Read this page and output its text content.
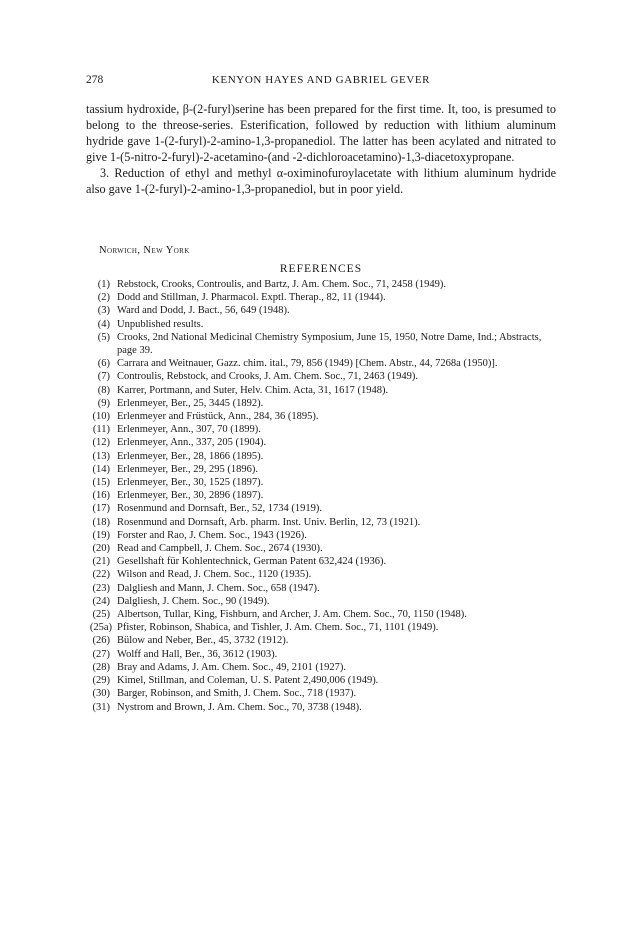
278	KENYON HAYES AND GABRIEL GEVER

tassium hydroxide, β-(2-furyl)serine has been prepared for the first time. It, too, is presumed to belong to the threose-series. Esterification, followed by reduction with lithium aluminum hydride gave 1-(2-furyl)-2-amino-1,3-propanediol. The latter has been acylated and nitrated to give 1-(5-nitro-2-furyl)-2-acetamino-(and -2-dichloroacetamino)-1,3-diacetoxypropane.

3. Reduction of ethyl and methyl α-oximinofuroylacetate with lithium aluminum hydride also gave 1-(2-furyl)-2-amino-1,3-propanediol, but in poor yield.

Norwich, New York
REFERENCES
(1) Rebstock, Crooks, Controulis, and Bartz, J. Am. Chem. Soc., 71, 2458 (1949).
(2) Dodd and Stillman, J. Pharmacol. Exptl. Therap., 82, 11 (1944).
(3) Ward and Dodd, J. Bact., 56, 649 (1948).
(4) Unpublished results.
(5) Crooks, 2nd National Medicinal Chemistry Symposium, June 15, 1950, Notre Dame, Ind.; Abstracts, page 39.
(6) Carrara and Weitnauer, Gazz. chim. ital., 79, 856 (1949) [Chem. Abstr., 44, 7268a (1950)].
(7) Controulis, Rebstock, and Crooks, J. Am. Chem. Soc., 71, 2463 (1949).
(8) Karrer, Portmann, and Suter, Helv. Chim. Acta, 31, 1617 (1948).
(9) Erlenmeyer, Ber., 25, 3445 (1892).
(10) Erlenmeyer and Früstück, Ann., 284, 36 (1895).
(11) Erlenmeyer, Ann., 307, 70 (1899).
(12) Erlenmeyer, Ann., 337, 205 (1904).
(13) Erlenmeyer, Ber., 28, 1866 (1895).
(14) Erlenmeyer, Ber., 29, 295 (1896).
(15) Erlenmeyer, Ber., 30, 1525 (1897).
(16) Erlenmeyer, Ber., 30, 2896 (1897).
(17) Rosenmund and Dornsaft, Ber., 52, 1734 (1919).
(18) Rosenmund and Dornsaft, Arb. pharm. Inst. Univ. Berlin, 12, 73 (1921).
(19) Forster and Rao, J. Chem. Soc., 1943 (1926).
(20) Read and Campbell, J. Chem. Soc., 2674 (1930).
(21) Gesellshaft für Kohlentechnick, German Patent 632,424 (1936).
(22) Wilson and Read, J. Chem. Soc., 1120 (1935).
(23) Dalgliesh and Mann, J. Chem. Soc., 658 (1947).
(24) Dalgliesh, J. Chem. Soc., 90 (1949).
(25) Albertson, Tullar, King, Fishburn, and Archer, J. Am. Chem. Soc., 70, 1150 (1948).
(25a) Pfister, Robinson, Shabica, and Tishler, J. Am. Chem. Soc., 71, 1101 (1949).
(26) Bülow and Neber, Ber., 45, 3732 (1912).
(27) Wolff and Hall, Ber., 36, 3612 (1903).
(28) Bray and Adams, J. Am. Chem. Soc., 49, 2101 (1927).
(29) Kimel, Stillman, and Coleman, U. S. Patent 2,490,006 (1949).
(30) Barger, Robinson, and Smith, J. Chem. Soc., 718 (1937).
(31) Nystrom and Brown, J. Am. Chem. Soc., 70, 3738 (1948).
